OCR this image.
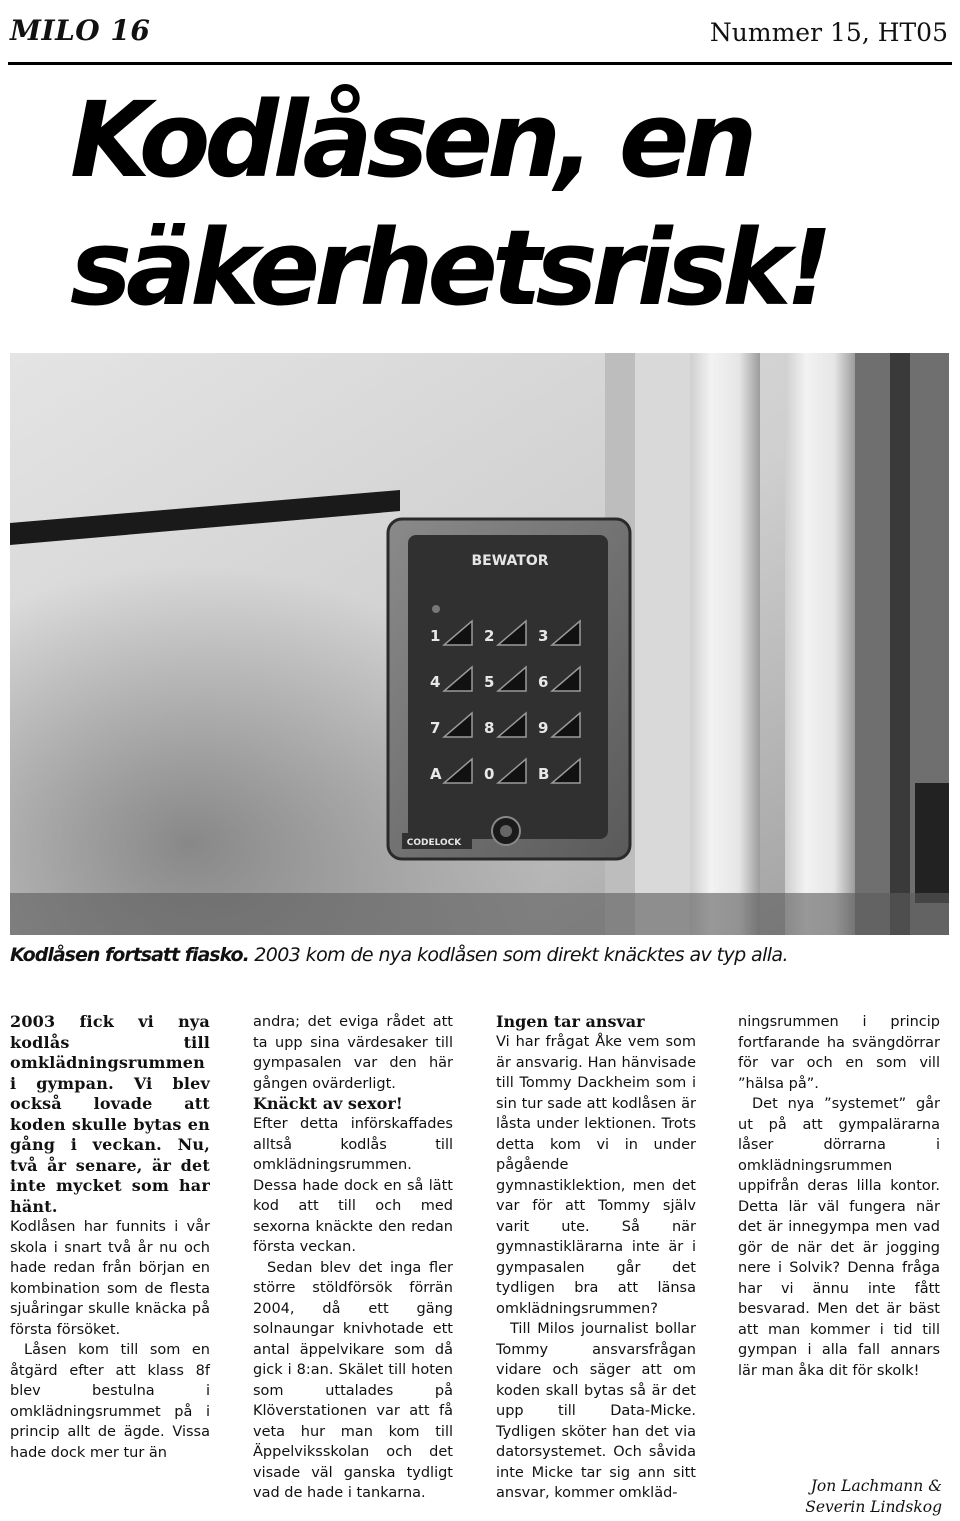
MILO 16	Nummer 15, HT05
Kodlåsen, en
säkerhetsrisk!
BEWATOR
1	2	3
4	5	6
7	8	9
A	0	B
CODELOCK
Kodlåsen fortsatt fiasko. 2003 kom de nya kodlåsen som direkt knäcktes av typ alla.

2003 fick vi nya kodlås till omklädningsrummen i gympan. Vi blev också lovade att koden skulle bytas en gång i veckan. Nu, två år senare, är det inte mycket som har hänt.

Kodlåsen har funnits i vår skola i snart två år nu och hade redan från början en kombination som de flesta sjuåringar skulle knäcka på första försöket.

Låsen kom till som en åtgärd efter att klass 8f blev bestulna i omklädningsrummet på i princip allt de ägde. Vissa hade dock mer tur än

andra; det eviga rådet att ta upp sina värdesaker till gympasalen var den här gången ovärderligt.

Knäckt av sexor!

Efter detta införskaffades alltså kodlås till omklädningsrummen. Dessa hade dock en så lätt kod att till och med sexorna knäckte den redan första veckan.

Sedan blev det inga fler större stöldförsök förrän 2004, då ett gäng solnaungar knivhotade ett antal äppelvikare som då gick i 8:an. Skälet till hoten som uttalades på Klöverstationen var att få veta hur man kom till Äppelviksskolan och det visade väl ganska tydligt vad de hade i tankarna.

Ingen tar ansvar

Vi har frågat Åke vem som är ansvarig. Han hänvisade till Tommy Dackheim som i sin tur sade att kodlåsen är låsta under lektionen. Trots detta kom vi in under pågående gymnastiklektion, men det var för att Tommy själv varit ute. Så när gymnastiklärarna inte är i gympasalen går det tydligen bra att länsa omklädningsrummen?

Till Milos journalist bollar Tommy ansvarsfrågan vidare och säger att om koden skall bytas så är det upp till Data-Micke. Tydligen sköter han det via datorsystemet. Och såvida inte Micke tar sig ann sitt ansvar, kommer omkläd-

ningsrummen i princip fortfarande ha svängdörrar för var och en som vill ”hälsa på”.

Det nya ”systemet” går ut på att gympalärarna låser dörrarna i omklädningsrummen uppifrån deras lilla kontor. Detta lär väl fungera när det är innegympa men vad gör de när det är jogging nere i Solvik? Denna fråga har vi ännu inte fått besvarad. Men det är bäst att man kommer i tid till gympan i alla fall annars lär man åka dit för skolk!

Jon Lachmann &
Severin Lindskog
